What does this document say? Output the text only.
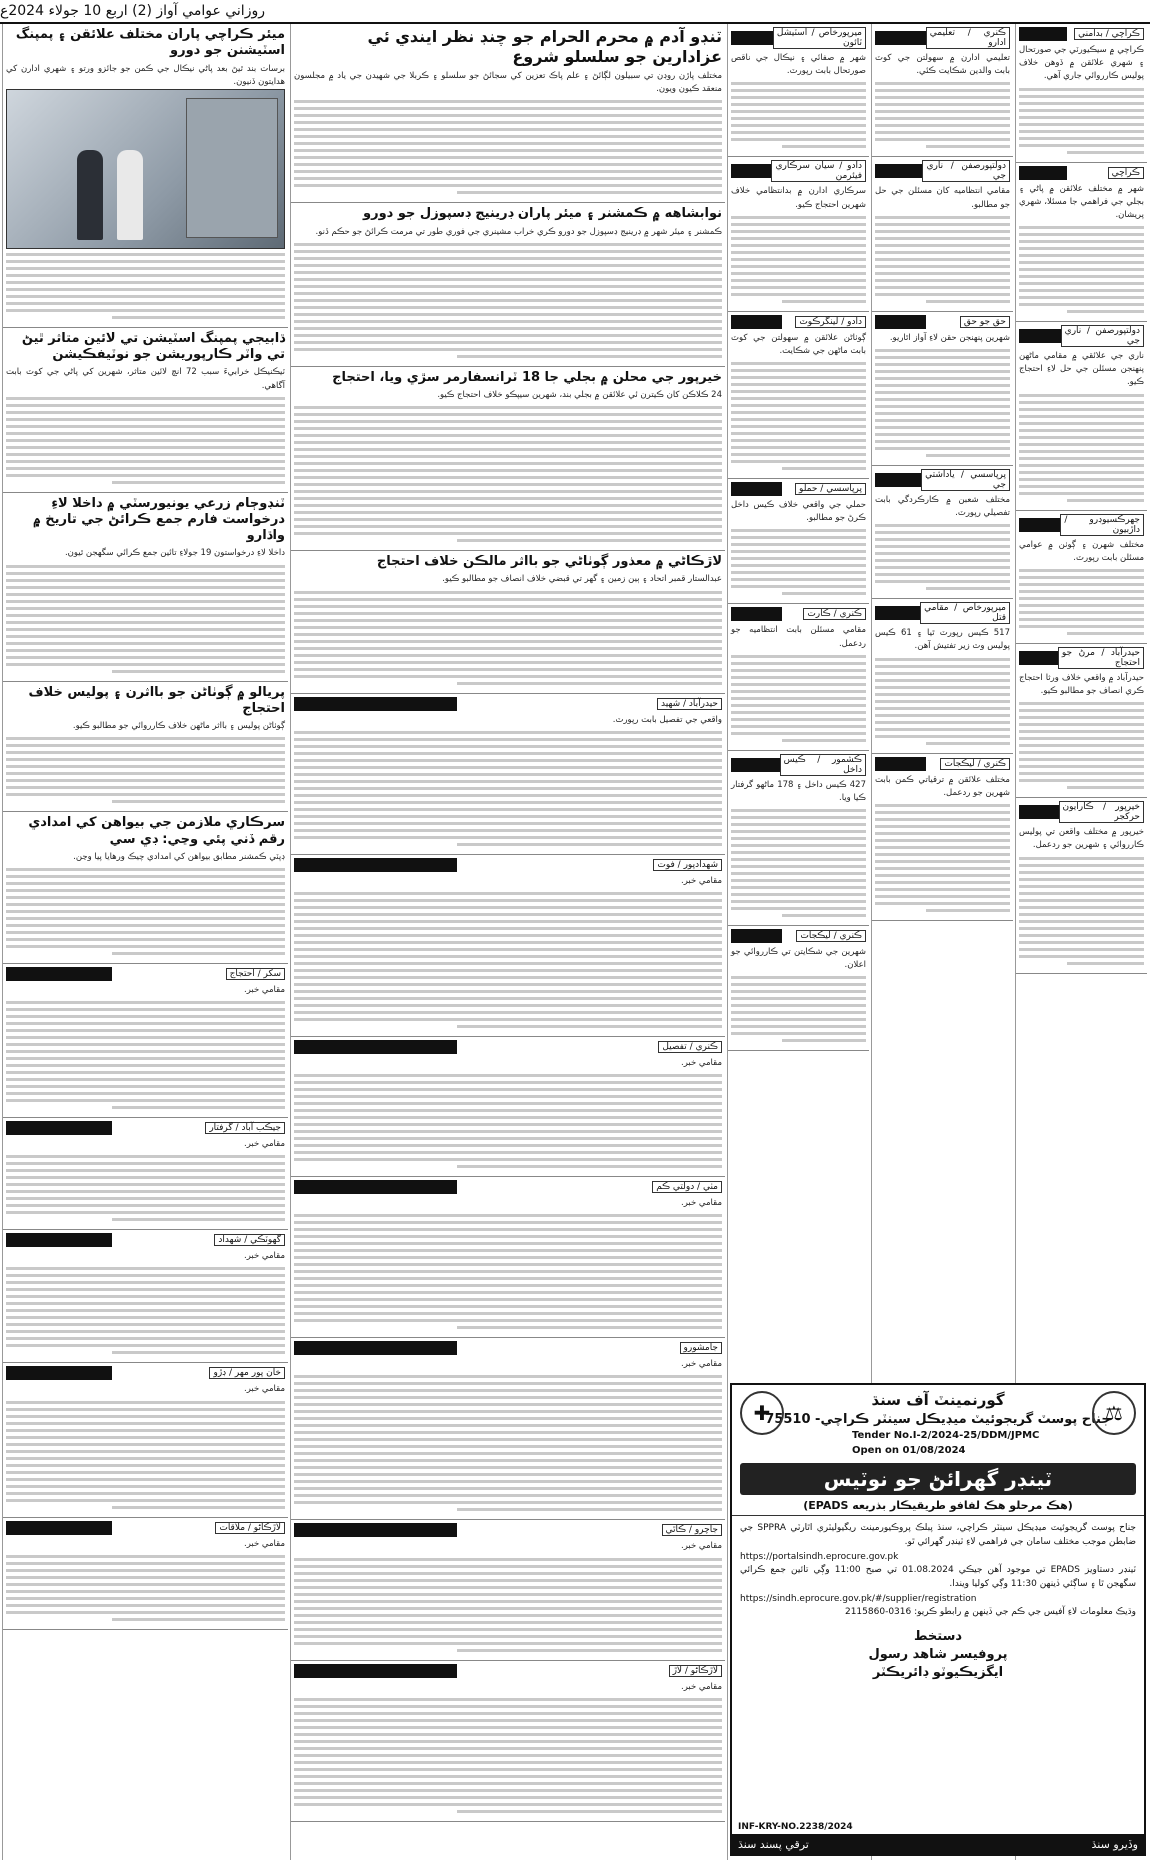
روزاني عوامي آواز (2) اربع 10 جولاء 2024ع
ڪراچي / بدامني
ڪراچي ۾ سيڪيورٽي جي صورتحال ۽ شهري علائقن ۾ ڏوهن خلاف پوليس ڪارروائي جاري آهي.
ڪراچي
شهر ۾ مختلف علائقن ۾ پاڻي ۽ بجلي جي فراهمي جا مسئلا، شهري پريشان.
دولتپورصفن / ناري جي
ناري جي علائقي ۾ مقامي ماڻهن پنهنجن مسئلن جي حل لاءِ احتجاج ڪيو.
جهرڪسيوڊرو / داڙبيون
مختلف شهرن ۽ ڳوٺن ۾ عوامي مسئلن بابت رپورٽ.
حيدرآباد / مرڻ جو احتجاج
حيدرآباد ۾ واقعي خلاف ورثا احتجاج ڪري انصاف جو مطالبو ڪيو.
خيرپور / ڪارايون حركجر
خيرپور ۾ مختلف واقعن تي پوليس ڪارروائي ۽ شهرين جو ردعمل.
ڪنري / تعليمي ادارو
تعليمي ادارن ۾ سهولتن جي کوٽ بابت والدين شڪايت ڪئي.
دولتپورصفن / ناري جي
مقامي انتظاميه کان مسئلن جي حل جو مطالبو.
حق جو حق
شهرين پنهنجن حقن لاءِ آواز اٿاريو.
پرپاسسي / ياداشتي جي
مختلف شعبن ۾ ڪارڪردگي بابت تفصيلي رپورٽ.
ميرپورخاص / مقامي قتل
517 ڪيس رپورٽ ٿيا ۽ 61 ڪيس پوليس وٽ زير تفتيش آهن.
ڪنري / ليڪجات
مختلف علائقن ۾ ترقياتي ڪمن بابت شهرين جو ردعمل.
ميرپورخاص / اسٽيشل ٽائون
شهر ۾ صفائي ۽ نيڪال جي ناقص صورتحال بابت رپورٽ.
دادو / سيان سرڪاري فيئرمن
سرڪاري ادارن ۾ بدانتظامي خلاف شهرين احتجاج ڪيو.
دادو / لينگرڪوٽ
ڳوٺاڻن علائقن ۾ سهولتن جي کوٽ بابت ماڻهن جي شڪايت.
پرپاسسي / حملو
حملي جي واقعي خلاف ڪيس داخل ڪرڻ جو مطالبو.
ڪنري / ڪارت
مقامي مسئلن بابت انتظاميه جو ردعمل.
ڪشمور / ڪيس داخل
427 ڪيس داخل ۽ 178 ماڻهو گرفتار ڪيا ويا.
ڪنري / ليڪجات
شهرين جي شڪايتن تي ڪارروائي جو اعلان.
ٽنڊو آدم ۾ محرم الحرام جو چنڊ نظر ايندي ئي عزادارين جو سلسلو شروع
مختلف پاڙن روڊن تي سبيلون لڳائڻ ۽ علم پاڪ تعزين کي سجائڻ جو سلسلو ۽ ڪربلا جي شهيدن جي ياد ۾ مجلسون منعقد ڪيون ويون.
نوابشاهه ۾ ڪمشنر ۽ ميئر پاران ڊرينيج ڊسپوزل جو دورو
ڪمشنر ۽ ميئر شهر ۾ ڊرينيج ڊسپوزل جو دورو ڪري خراب مشينري جي فوري طور تي مرمت ڪرائڻ جو حڪم ڏنو.
خيرپور جي محلن ۾ بجلي جا 18 ٽرانسفارمر سڙي ويا، احتجاج
24 ڪلاڪن کان ڪيترن ئي علائقن ۾ بجلي بند، شهرين سيپڪو خلاف احتجاج ڪيو.
لاڙڪاڻي ۾ معذور ڳوٺاڻي جو بااثر مالڪن خلاف احتجاج
عبدالستار قمبر اتحاد ۽ ٻين زمين ۽ گهر تي قبضي خلاف انصاف جو مطالبو ڪيو.
حيدرآباد / شهيد
واقعي جي تفصيل بابت رپورٽ.
شهدادپور / فوت
مقامي خبر.
ڪنري / تفصيل
مقامي خبر.
مٺي / دولتي ڪم
مقامي خبر.
جامشورو
مقامي خبر.
جاچرو / ڪاٿي
مقامي خبر.
لاڙڪاڻو / لاڙ
مقامي خبر.
ميئر ڪراچي پاران مختلف علائقن ۽ پمپنگ اسٽيشنن جو دورو
برسات بند ٿيڻ بعد پاڻي نيڪال جي ڪمن جو جائزو ورتو ۽ شهري ادارن کي هدايتون ڏنيون.
ڌابيجي پمپنگ اسٽيشن تي لائين متاثر ٿيڻ تي واٽر ڪارپوريشن جو نوٽيفڪيشن
ٽيڪنيڪل خرابيءَ سبب 72 انچ لائين متاثر، شهرين کي پاڻي جي کوٽ بابت آگاهي.
ٽنڊوڄام زرعي يونيورسٽي ۾ داخلا لاءِ درخواست فارم جمع ڪرائڻ جي تاريخ ۾ واڌارو
داخلا لاءِ درخواستون 19 جولاءِ تائين جمع ڪرائي سگهجن ٿيون.
پريالو ۾ ڳوٺاڻن جو بااثرن ۽ پوليس خلاف احتجاج
ڳوٺاڻن پوليس ۽ بااثر ماڻهن خلاف ڪارروائي جو مطالبو ڪيو.
سرڪاري ملازمن جي بيواهن کي امدادي رقم ڏني پئي وڃي: ڊي سي
ڊپٽي ڪمشنر مطابق بيواهن کي امدادي چيڪ ورهايا پيا وڃن.
سکر / احتجاج
مقامي خبر.
جيڪب آباد / گرفتار
مقامي خبر.
گهوٽڪي / شهداد
مقامي خبر.
خان پور مهر / ڊڙو
مقامي خبر.
لاڙڪاڻو / ملاقات
مقامي خبر.
⚖
✚
گورنمينٽ آف سنڌ
جناح پوسٽ گريجوئيٽ ميڊيڪل سينٽر ڪراچي- 75510
Tender No.I-2/2024-25/DDM/JPMC
Open on 01/08/2024
ٽينڊر گهرائڻ جو نوٽيس
(هڪ مرحلو هڪ لفافو طريقيڪار بذريعه EPADS)
جناح پوسٽ گريجوئيٽ ميڊيڪل سينٽر ڪراچي، سنڌ پبلڪ پروڪيورمينٽ ريگيوليٽري اٿارٽي SPPRA جي ضابطن موجب مختلف سامان جي فراهمي لاءِ ٽينڊر گهرائي ٿو.
https://portalsindh.eprocure.gov.pk
ٽينڊر دستاويز EPADS تي موجود آهن جيڪي 01.08.2024 تي صبح 11:00 وڳي تائين جمع ڪرائي سگهجن ٿا ۽ ساڳئي ڏينهن 11:30 وڳي کوليا ويندا.
https://sindh.eprocure.gov.pk/#/supplier/registration
وڌيڪ معلومات لاءِ آفيس جي ڪم جي ڏينهن ۾ رابطو ڪريو: 0316-2115860
دستخط
پروفيسر شاهد رسول
ايگزيڪيوٽو ڊائريڪٽر
INF-KRY-NO.2238/2024
وڏيرو سنڌ
ترقي پسند سنڌ
